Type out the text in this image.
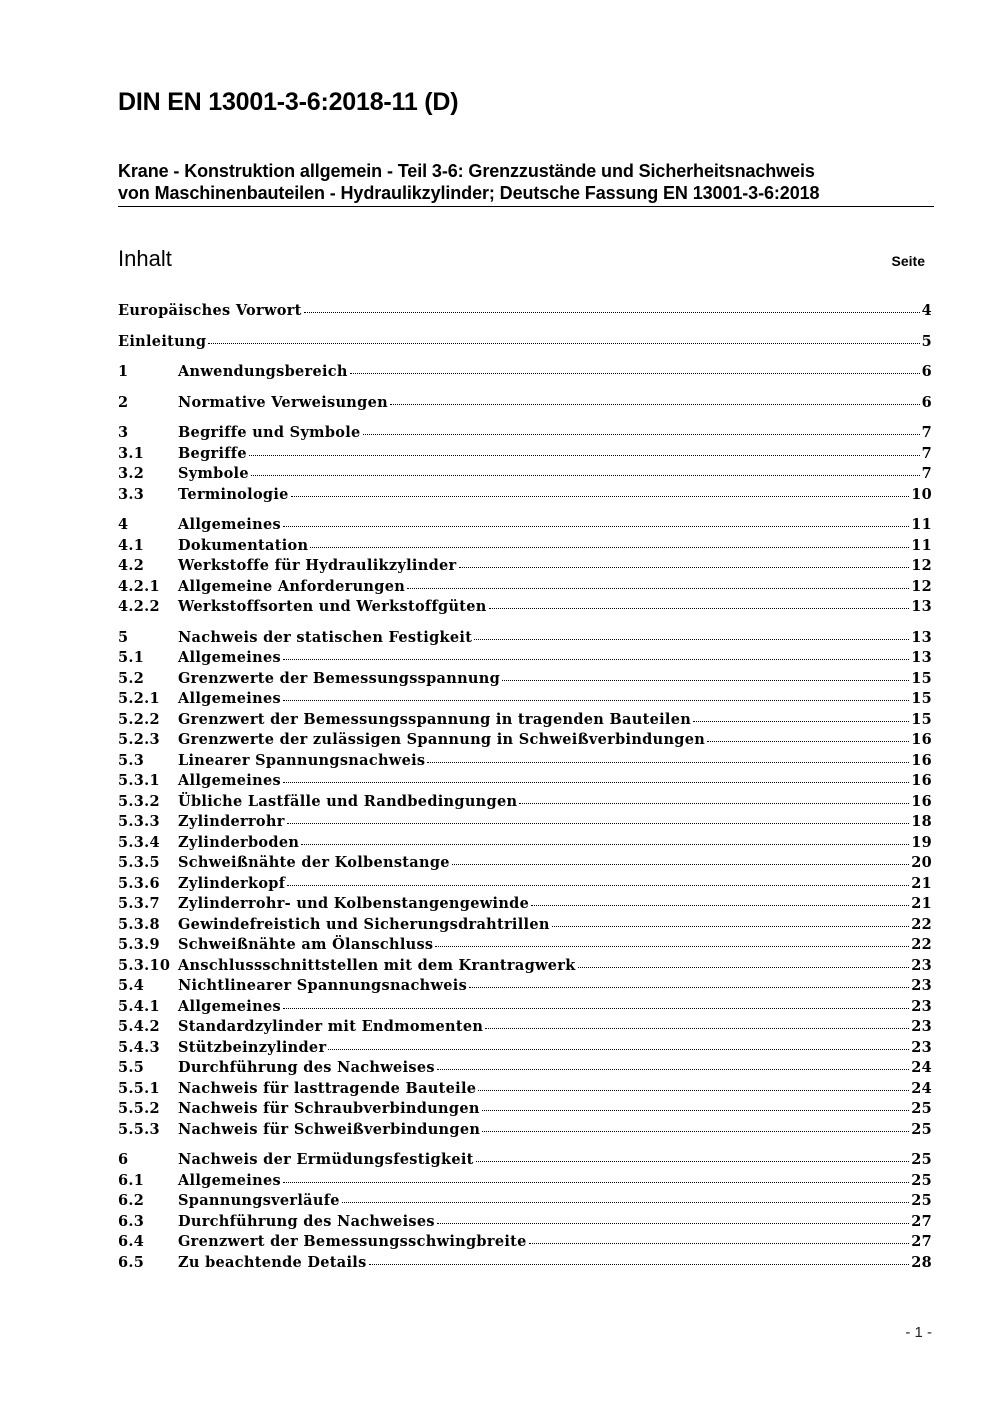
DIN EN 13001-3-6:2018-11 (D)
Krane - Konstruktion allgemein - Teil 3-6: Grenzzustände und Sicherheitsnachweis
von Maschinenbauteilen - Hydraulikzylinder; Deutsche Fassung EN 13001-3-6:2018
Inhalt	Seite
Europäisches Vorwort	4
Einleitung	5
1	Anwendungsbereich	6
2	Normative Verweisungen	6
3	Begriffe und Symbole	7
3.1	Begriffe	7
3.2	Symbole	7
3.3	Terminologie	10
4	Allgemeines	11
4.1	Dokumentation	11
4.2	Werkstoffe für Hydraulikzylinder	12
4.2.1	Allgemeine Anforderungen	12
4.2.2	Werkstoffsorten und Werkstoffgüten	13
5	Nachweis der statischen Festigkeit	13
5.1	Allgemeines	13
5.2	Grenzwerte der Bemessungsspannung	15
5.2.1	Allgemeines	15
5.2.2	Grenzwert der Bemessungsspannung in tragenden Bauteilen	15
5.2.3	Grenzwerte der zulässigen Spannung in Schweißverbindungen	16
5.3	Linearer Spannungsnachweis	16
5.3.1	Allgemeines	16
5.3.2	Übliche Lastfälle und Randbedingungen	16
5.3.3	Zylinderrohr	18
5.3.4	Zylinderboden	19
5.3.5	Schweißnähte der Kolbenstange	20
5.3.6	Zylinderkopf	21
5.3.7	Zylinderrohr- und Kolbenstangengewinde	21
5.3.8	Gewindefreistich und Sicherungsdrahtrillen	22
5.3.9	Schweißnähte am Ölanschluss	22
5.3.10 Anschlussschnittstellen mit dem Krantragwerk	23
5.4	Nichtlinearer Spannungsnachweis	23
5.4.1	Allgemeines	23
5.4.2	Standardzylinder mit Endmomenten	23
5.4.3	Stützbeinzylinder	23
5.5	Durchführung des Nachweises	24
5.5.1	Nachweis für lasttragende Bauteile	24
5.5.2	Nachweis für Schraubverbindungen	25
5.5.3	Nachweis für Schweißverbindungen	25
6	Nachweis der Ermüdungsfestigkeit	25
6.1	Allgemeines	25
6.2	Spannungsverläufe	25
6.3	Durchführung des Nachweises	27
6.4	Grenzwert der Bemessungsschwingbreite	27
6.5	Zu beachtende Details	28
- 1 -
